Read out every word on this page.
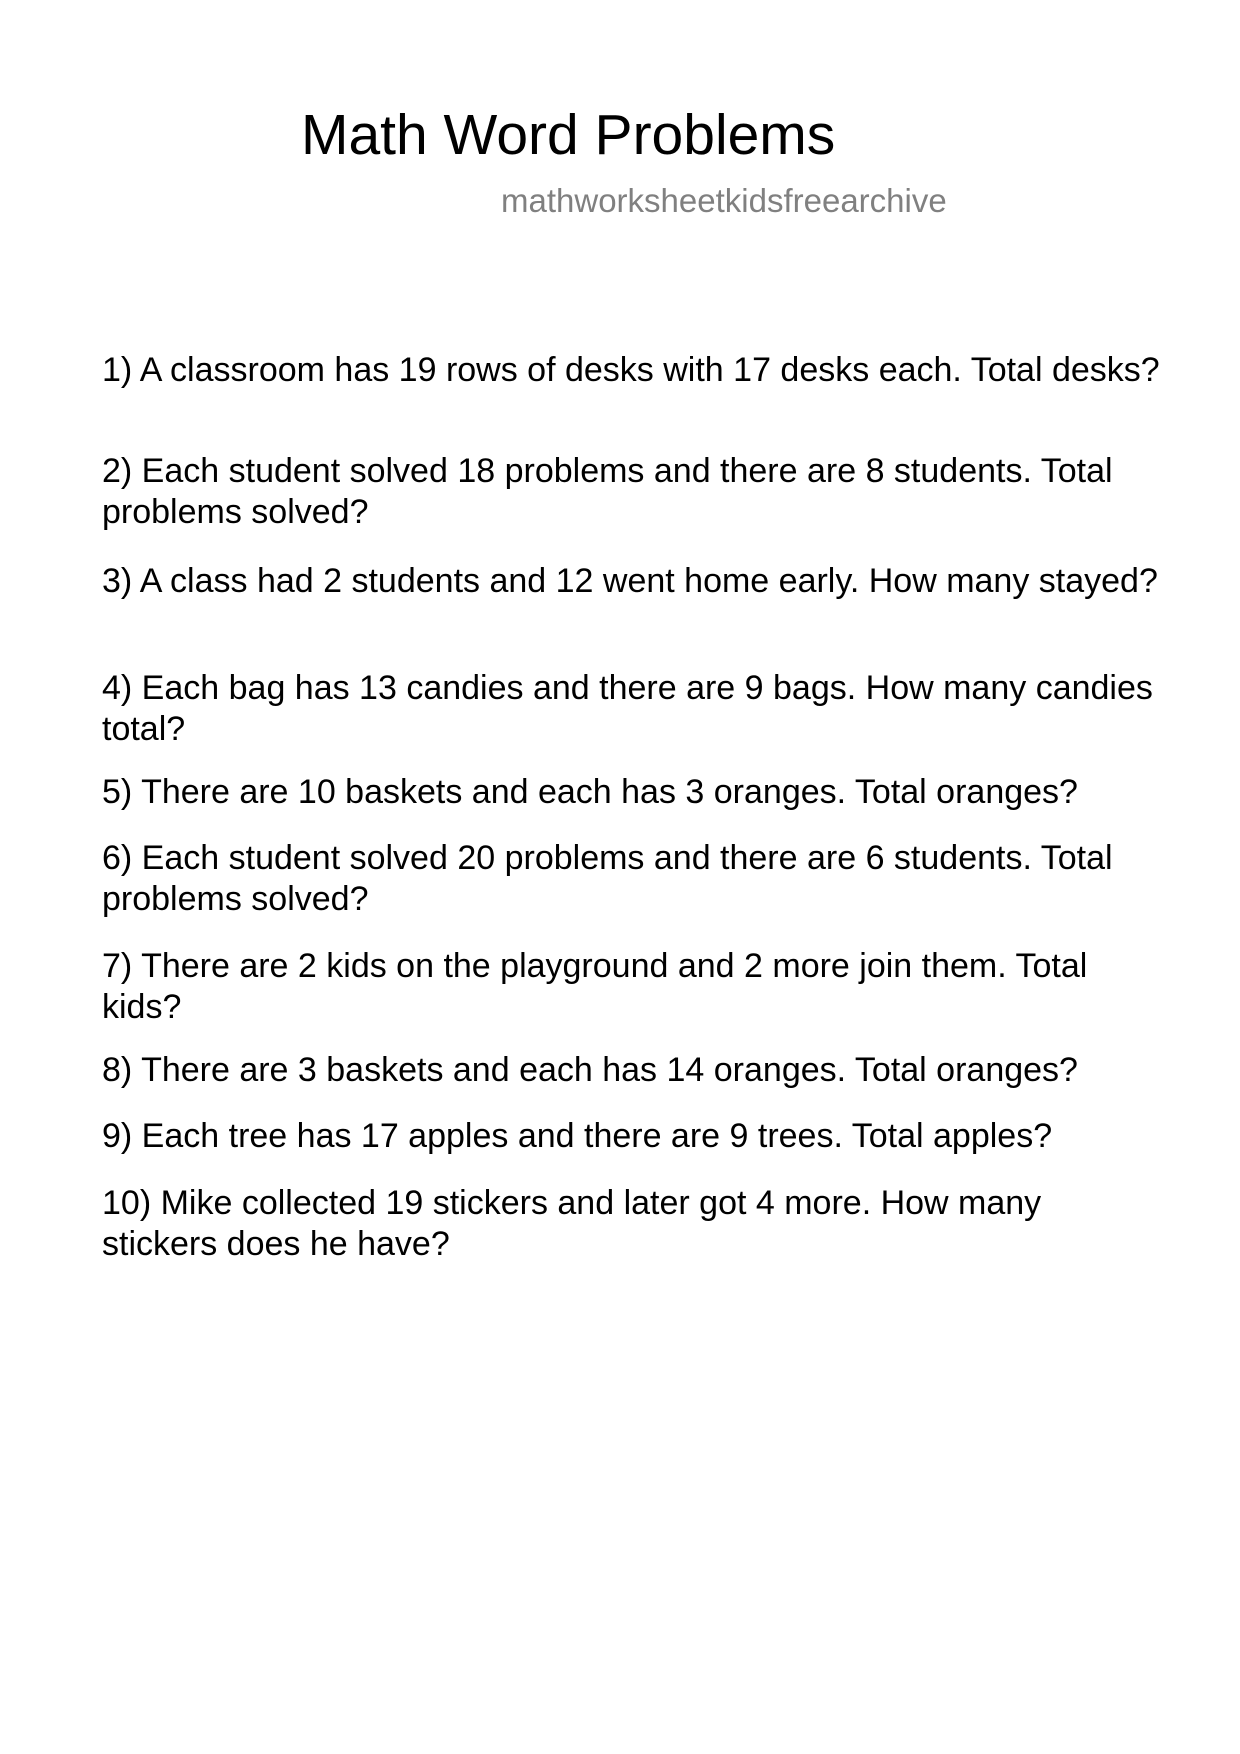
Math Word Problems
mathworksheetkidsfreearchive

1) A classroom has 19 rows of desks with 17 desks each. Total desks?

2) Each student solved 18 problems and there are 8 students. Total problems solved?

3) A class had 2 students and 12 went home early. How many stayed?

4) Each bag has 13 candies and there are 9 bags. How many candies total?

5) There are 10 baskets and each has 3 oranges. Total oranges?

6) Each student solved 20 problems and there are 6 students. Total problems solved?

7) There are 2 kids on the playground and 2 more join them. Total kids?

8) There are 3 baskets and each has 14 oranges. Total oranges?

9) Each tree has 17 apples and there are 9 trees. Total apples?

10) Mike collected 19 stickers and later got 4 more. How many stickers does he have?
